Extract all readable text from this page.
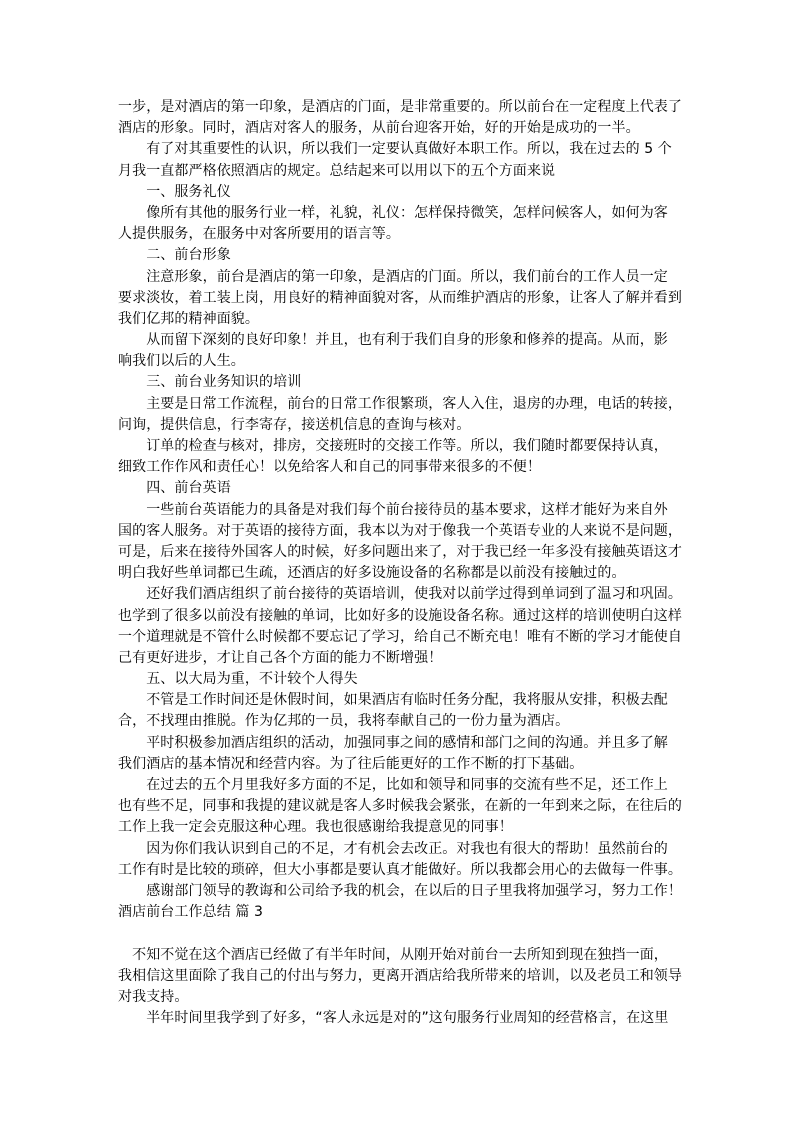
一步，是对酒店的第一印象，是酒店的门面，是非常重要的。所以前台在一定程度上代表了
酒店的形象。同时，酒店对客人的服务，从前台迎客开始，好的开始是成功的一半。
　　有了对其重要性的认识，所以我们一定要认真做好本职工作。所以，我在过去的 5 个
月我一直都严格依照酒店的规定。总结起来可以用以下的五个方面来说
　　一、服务礼仪
　　像所有其他的服务行业一样，礼貌，礼仪：怎样保持微笑，怎样问候客人，如何为客
人提供服务，在服务中对客所要用的语言等。
　　二、前台形象
　　注意形象，前台是酒店的第一印象，是酒店的门面。所以，我们前台的工作人员一定
要求淡妆，着工装上岗，用良好的精神面貌对客，从而维护酒店的形象，让客人了解并看到
我们亿邦的精神面貌。
　　从而留下深刻的良好印象！并且，也有利于我们自身的形象和修养的提高。从而，影
响我们以后的人生。
　　三、前台业务知识的培训
　　主要是日常工作流程，前台的日常工作很繁琐，客人入住，退房的办理，电话的转接，
问询，提供信息，行李寄存，接送机信息的查询与核对。
　　订单的检查与核对，排房，交接班时的交接工作等。所以，我们随时都要保持认真，
细致工作作风和责任心！以免给客人和自己的同事带来很多的不便！
　　四、前台英语
　　一些前台英语能力的具备是对我们每个前台接待员的基本要求，这样才能好为来自外
国的客人服务。对于英语的接待方面，我本以为对于像我一个英语专业的人来说不是问题，
可是，后来在接待外国客人的时候，好多问题出来了，对于我已经一年多没有接触英语这才
明白我好些单词都已生疏，还酒店的好多设施设备的名称都是以前没有接触过的。
　　还好我们酒店组织了前台接待的英语培训，使我对以前学过得到单词到了温习和巩固。
也学到了很多以前没有接触的单词，比如好多的设施设备名称。通过这样的培训使明白这样
一个道理就是不管什么时候都不要忘记了学习，给自己不断充电！唯有不断的学习才能使自
己有更好进步，才让自己各个方面的能力不断增强！
　　五、以大局为重，不计较个人得失
　　不管是工作时间还是休假时间，如果酒店有临时任务分配，我将服从安排，积极去配
合，不找理由推脱。作为亿邦的一员，我将奉献自己的一份力量为酒店。
　　平时积极参加酒店组织的活动，加强同事之间的感情和部门之间的沟通。并且多了解
我们酒店的基本情况和经营内容。为了往后能更好的工作不断的打下基础。
　　在过去的五个月里我好多方面的不足，比如和领导和同事的交流有些不足，还工作上
也有些不足，同事和我提的建议就是客人多时候我会紧张，在新的一年到来之际，在往后的
工作上我一定会克服这种心理。我也很感谢给我提意见的同事！
　　因为你们我认识到自己的不足，才有机会去改正。对我也有很大的帮助！虽然前台的
工作有时是比较的琐碎，但大小事都是要认真才能做好。所以我都会用心的去做每一件事。
　　感谢部门领导的教诲和公司给予我的机会，在以后的日子里我将加强学习，努力工作！
酒店前台工作总结 篇 3
　不知不觉在这个酒店已经做了有半年时间，从刚开始对前台一去所知到现在独挡一面，
我相信这里面除了我自己的付出与努力，更离开酒店给我所带来的培训，以及老员工和领导
对我支持。
　　半年时间里我学到了好多，“客人永远是对的”这句服务行业周知的经营格言，在这里
